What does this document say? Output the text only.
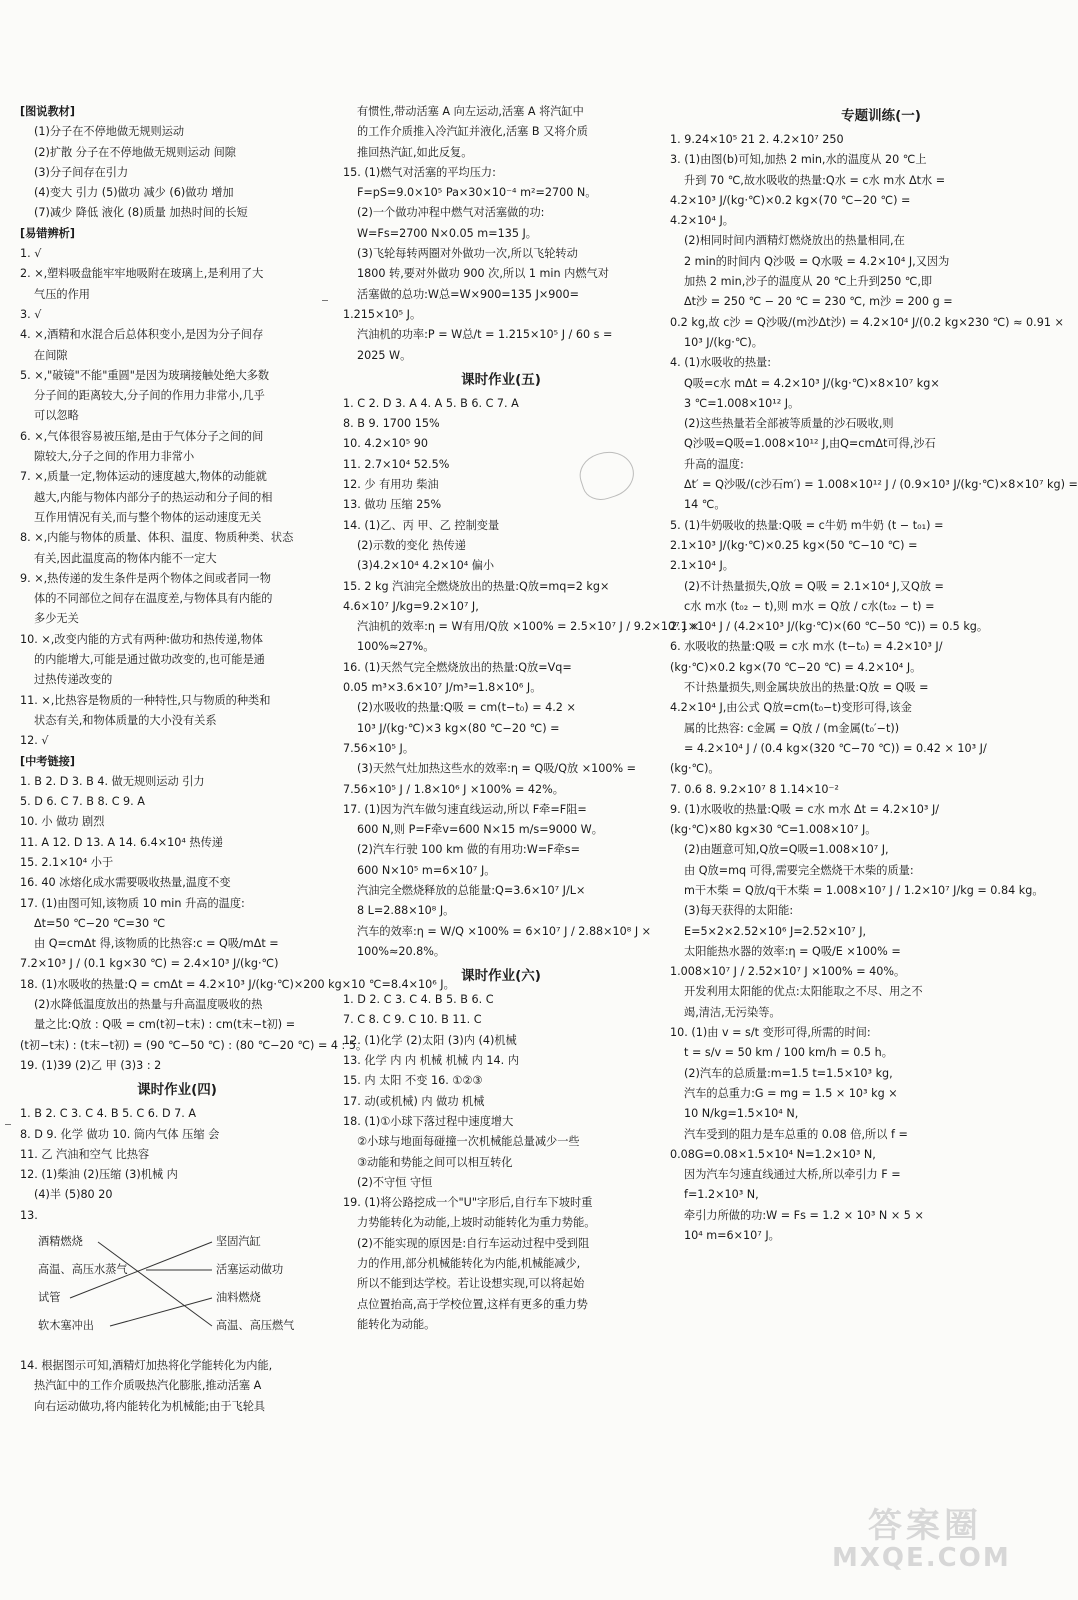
[图说教材]
(1)分子在不停地做无规则运动
(2)扩散 分子在不停地做无规则运动 间隙
(3)分子间存在引力
(4)变大 引力 (5)做功 减少 (6)做功 增加
(7)减少 降低 液化 (8)质量 加热时间的长短
[易错辨析]
1. √
2. ×,塑料吸盘能牢牢地吸附在玻璃上,是利用了大
气压的作用
3. √
4. ×,酒精和水混合后总体积变小,是因为分子间存
在间隙
5. ×,"破镜"不能"重圆"是因为玻璃接触处绝大多数
分子间的距离较大,分子间的作用力非常小,几乎
可以忽略
6. ×,气体很容易被压缩,是由于气体分子之间的间
隙较大,分子之间的作用力非常小
7. ×,质量一定,物体运动的速度越大,物体的动能就
越大,内能与物体内部分子的热运动和分子间的相
互作用情况有关,而与整个物体的运动速度无关
8. ×,内能与物体的质量、体积、温度、物质种类、状态
有关,因此温度高的物体内能不一定大
9. ×,热传递的发生条件是两个物体之间或者同一物
体的不同部位之间存在温度差,与物体具有内能的
多少无关
10. ×,改变内能的方式有两种:做功和热传递,物体
的内能增大,可能是通过做功改变的,也可能是通
过热传递改变的
11. ×,比热容是物质的一种特性,只与物质的种类和
状态有关,和物体质量的大小没有关系
12. √
[中考链接]
1. B 2. D 3. B 4. 做无规则运动 引力
5. D 6. C 7. B 8. C 9. A
10. 小 做功 剧烈
11. A 12. D 13. A 14. 6.4×10⁴ 热传递
15. 2.1×10⁴ 小于
16. 40 冰熔化成水需要吸收热量,温度不变
17. (1)由图可知,该物质 10 min 升高的温度:
Δt=50 ℃−20 ℃=30 ℃
由 Q=cmΔt 得,该物质的比热容:c = Q吸/mΔt =
7.2×10³ J / (0.1 kg×30 ℃) = 2.4×10³ J/(kg·℃)
18. (1)水吸收的热量:Q = cmΔt = 4.2×10³ J/(kg·℃)×200 kg×10 ℃=8.4×10⁶ J。
(2)水降低温度放出的热量与升高温度吸收的热
量之比:Q放 : Q吸 = cm(t初−t末) : cm(t末−t初) =
(t初−t末) : (t末−t初) = (90 ℃−50 ℃) : (80 ℃−20 ℃) = 4 : 5。
19. (1)39 (2)乙 甲 (3)3 : 2
课时作业(四)
1. B 2. C 3. C 4. B 5. C 6. D 7. A
8. D 9. 化学 做功 10. 筒内气体 压缩 会
11. 乙 汽油和空气 比热容
12. (1)柴油 (2)压缩 (3)机械 内
(4)半 (5)80 20
13.
酒精燃烧
高温、高压水蒸气
试管
软木塞冲出
坚固汽缸
活塞运动做功
油料燃烧
高温、高压燃气
14. 根据图示可知,酒精灯加热将化学能转化为内能,
热汽缸中的工作介质吸热汽化膨胀,推动活塞 A
向右运动做功,将内能转化为机械能;由于飞轮具
有惯性,带动活塞 A 向左运动,活塞 A 将汽缸中
的工作介质推入冷汽缸并液化,活塞 B 又将介质
推回热汽缸,如此反复。
15. (1)燃气对活塞的平均压力:
F=pS=9.0×10⁵ Pa×30×10⁻⁴ m²=2700 N。
(2)一个做功冲程中燃气对活塞做的功:
W=Fs=2700 N×0.05 m=135 J。
(3)飞轮每转两圈对外做功一次,所以飞轮转动
1800 转,要对外做功 900 次,所以 1 min 内燃气对
活塞做的总功:W总=W×900=135 J×900=
1.215×10⁵ J。
汽油机的功率:P = W总/t = 1.215×10⁵ J / 60 s =
2025 W。
课时作业(五)
1. C 2. D 3. A 4. A 5. B 6. C 7. A
8. B 9. 1700 15%
10. 4.2×10⁵ 90
11. 2.7×10⁴ 52.5%
12. 少 有用功 柴油
13. 做功 压缩 25%
14. (1)乙、丙 甲、乙 控制变量
(2)示数的变化 热传递
(3)4.2×10⁴ 4.2×10⁴ 偏小
15. 2 kg 汽油完全燃烧放出的热量:Q放=mq=2 kg×
4.6×10⁷ J/kg=9.2×10⁷ J,
汽油机的效率:η = W有用/Q放 ×100% = 2.5×10⁷ J / 9.2×10⁷ J ×
100%≈27%。
16. (1)天然气完全燃烧放出的热量:Q放=Vq=
0.05 m³×3.6×10⁷ J/m³=1.8×10⁶ J。
(2)水吸收的热量:Q吸 = cm(t−t₀) = 4.2 ×
10³ J/(kg·℃)×3 kg×(80 ℃−20 ℃) =
7.56×10⁵ J。
(3)天然气灶加热这些水的效率:η = Q吸/Q放 ×100% =
7.56×10⁵ J / 1.8×10⁶ J ×100% = 42%。
17. (1)因为汽车做匀速直线运动,所以 F牵=F阻=
600 N,则 P=F牵v=600 N×15 m/s=9000 W。
(2)汽车行驶 100 km 做的有用功:W=F牵s=
600 N×10⁵ m=6×10⁷ J。
汽油完全燃烧释放的总能量:Q=3.6×10⁷ J/L×
8 L=2.88×10⁸ J。
汽车的效率:η = W/Q ×100% = 6×10⁷ J / 2.88×10⁸ J ×
100%≈20.8%。
课时作业(六)
1. D 2. C 3. C 4. B 5. B 6. C
7. C 8. C 9. C 10. B 11. C
12. (1)化学 (2)太阳 (3)内 (4)机械
13. 化学 内 内 机械 机械 内 14. 内
15. 内 太阳 不变 16. ①②③
17. 动(或机械) 内 做功 机械
18. (1)①小球下落过程中速度增大
②小球与地面每碰撞一次机械能总量减少一些
③动能和势能之间可以相互转化
(2)不守恒 守恒
19. (1)将公路挖成一个"U"字形后,自行车下坡时重
力势能转化为动能,上坡时动能转化为重力势能。
(2)不能实现的原因是:自行车运动过程中受到阻
力的作用,部分机械能转化为内能,机械能减少,
所以不能到达学校。若让设想实现,可以将起始
点位置抬高,高于学校位置,这样有更多的重力势
能转化为动能。
专题训练(一)
1. 9.24×10⁵ 21 2. 4.2×10⁷ 250
3. (1)由图(b)可知,加热 2 min,水的温度从 20 ℃上
升到 70 ℃,故水吸收的热量:Q水 = c水 m水 Δt水 =
4.2×10³ J/(kg·℃)×0.2 kg×(70 ℃−20 ℃) =
4.2×10⁴ J。
(2)相同时间内酒精灯燃烧放出的热量相同,在
2 min的时间内 Q沙吸 = Q水吸 = 4.2×10⁴ J,又因为
加热 2 min,沙子的温度从 20 ℃上升到250 ℃,即
Δt沙 = 250 ℃ − 20 ℃ = 230 ℃, m沙 = 200 g =
0.2 kg,故 c沙 = Q沙吸/(m沙Δt沙) = 4.2×10⁴ J/(0.2 kg×230 ℃) ≈ 0.91 ×
10³ J/(kg·℃)。
4. (1)水吸收的热量:
Q吸=c水 mΔt = 4.2×10³ J/(kg·℃)×8×10⁷ kg×
3 ℃=1.008×10¹² J。
(2)这些热量若全部被等质量的沙石吸收,则
Q沙吸=Q吸=1.008×10¹² J,由Q=cmΔt可得,沙石
升高的温度:
Δt′ = Q沙吸/(c沙石m′) = 1.008×10¹² J / (0.9×10³ J/(kg·℃)×8×10⁷ kg) =
14 ℃。
5. (1)牛奶吸收的热量:Q吸 = c牛奶 m牛奶 (t − t₀₁) =
2.1×10³ J/(kg·℃)×0.25 kg×(50 ℃−10 ℃) =
2.1×10⁴ J。
(2)不计热量损失,Q放 = Q吸 = 2.1×10⁴ J,又Q放 =
c水 m水 (t₀₂ − t),则 m水 = Q放 / c水(t₀₂ − t) =
2.1×10⁴ J / (4.2×10³ J/(kg·℃)×(60 ℃−50 ℃)) = 0.5 kg。
6. 水吸收的热量:Q吸 = c水 m水 (t−t₀) = 4.2×10³ J/
(kg·℃)×0.2 kg×(70 ℃−20 ℃) = 4.2×10⁴ J。
不计热量损失,则金属块放出的热量:Q放 = Q吸 =
4.2×10⁴ J,由公式 Q放=cm(t₀−t)变形可得,该金
属的比热容: c金属 = Q放 / (m金属(t₀′−t))
= 4.2×10⁴ J / (0.4 kg×(320 ℃−70 ℃)) = 0.42 × 10³ J/
(kg·℃)。
7. 0.6 8. 9.2×10⁷ 8 1.14×10⁻²
9. (1)水吸收的热量:Q吸 = c水 m水 Δt = 4.2×10³ J/
(kg·℃)×80 kg×30 ℃=1.008×10⁷ J。
(2)由题意可知,Q放=Q吸=1.008×10⁷ J,
由 Q放=mq 可得,需要完全燃烧干木柴的质量:
m干木柴 = Q放/q干木柴 = 1.008×10⁷ J / 1.2×10⁷ J/kg = 0.84 kg。
(3)每天获得的太阳能:
E=5×2×2.52×10⁶ J=2.52×10⁷ J,
太阳能热水器的效率:η = Q吸/E ×100% =
1.008×10⁷ J / 2.52×10⁷ J ×100% = 40%。
开发利用太阳能的优点:太阳能取之不尽、用之不
竭,清洁,无污染等。
10. (1)由 v = s/t 变形可得,所需的时间:
t = s/v = 50 km / 100 km/h = 0.5 h。
(2)汽车的总质量:m=1.5 t=1.5×10³ kg,
汽车的总重力:G = mg = 1.5 × 10³ kg ×
10 N/kg=1.5×10⁴ N,
汽车受到的阻力是车总重的 0.08 倍,所以 f =
0.08G=0.08×1.5×10⁴ N=1.2×10³ N,
因为汽车匀速直线通过大桥,所以牵引力 F =
f=1.2×10³ N,
牵引力所做的功:W = Fs = 1.2 × 10³ N × 5 ×
10⁴ m=6×10⁷ J。
答案圈
MXQE.COM
